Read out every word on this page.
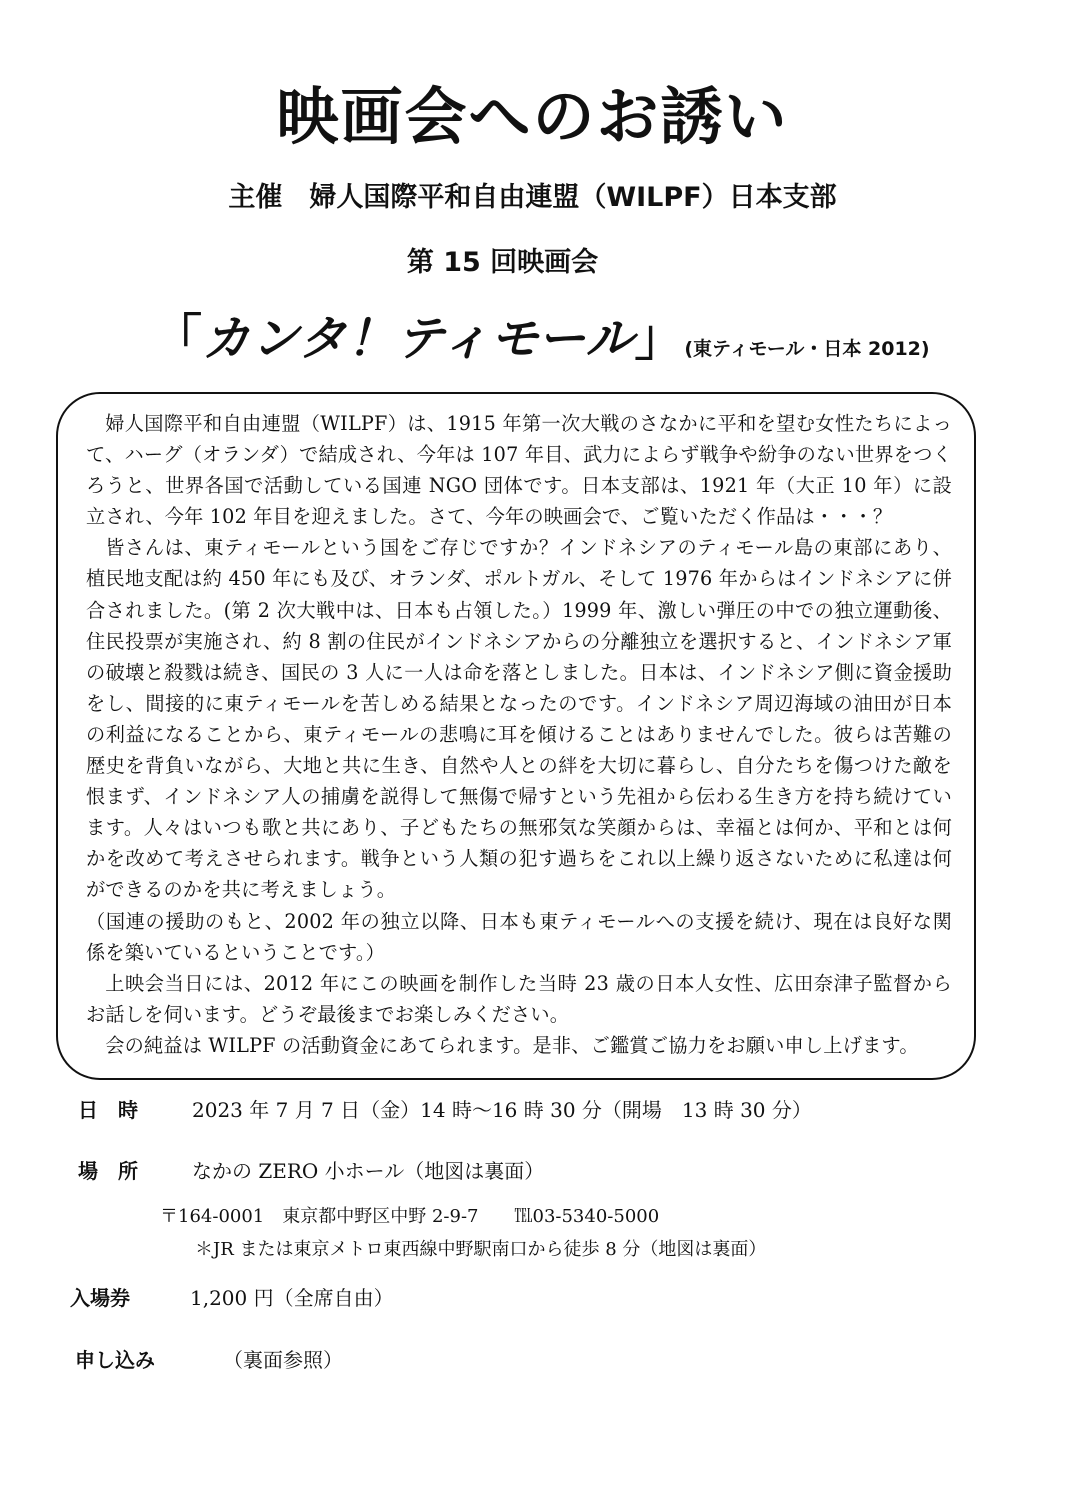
映画会へのお誘い
主催　婦人国際平和自由連盟（WILPF）日本支部
第 15 回映画会
「カンタ！ティモール」(東ティモール・日本 2012)

婦人国際平和自由連盟（WILPF）は、1915 年第一次大戦のさなかに平和を望む女性たちによって、ハーグ（オランダ）で結成され、今年は 107 年目、武力によらず戦争や紛争のない世界をつくろうと、世界各国で活動している国連 NGO 団体です。日本支部は、1921 年（大正 10 年）に設立され、今年 102 年目を迎えました。さて、今年の映画会で、ご覧いただく作品は・・・？

皆さんは、東ティモールという国をご存じですか？インドネシアのティモール島の東部にあり、植民地支配は約 450 年にも及び、オランダ、ポルトガル、そして 1976 年からはインドネシアに併合されました。(第 2 次大戦中は、日本も占領した。）1999 年、激しい弾圧の中での独立運動後、住民投票が実施され、約 8 割の住民がインドネシアからの分離独立を選択すると、インドネシア軍の破壊と殺戮は続き、国民の 3 人に一人は命を落としました。日本は、インドネシア側に資金援助をし、間接的に東ティモールを苦しめる結果となったのです。インドネシア周辺海域の油田が日本の利益になることから、東ティモールの悲鳴に耳を傾けることはありませんでした。彼らは苦難の歴史を背負いながら、大地と共に生き、自然や人との絆を大切に暮らし、自分たちを傷つけた敵を恨まず、インドネシア人の捕虜を説得して無傷で帰すという先祖から伝わる生き方を持ち続けています。人々はいつも歌と共にあり、子どもたちの無邪気な笑顔からは、幸福とは何か、平和とは何かを改めて考えさせられます。戦争という人類の犯す過ちをこれ以上繰り返さないために私達は何ができるのかを共に考えましょう。

（国連の援助のもと、2002 年の独立以降、日本も東ティモールへの支援を続け、現在は良好な関係を築いているということです。）

上映会当日には、2012 年にこの映画を制作した当時 23 歳の日本人女性、広田奈津子監督からお話しを伺います。どうぞ最後までお楽しみください。

会の純益は WILPF の活動資金にあてられます。是非、ご鑑賞ご協力をお願い申し上げます。

日　時	2023 年 7 月 7 日（金）14 時〜16 時 30 分（開場　13 時 30 分）
場　所	なかの ZERO 小ホール（地図は裏面）
〒164-0001　東京都中野区中野 2-9-7　　℡03-5340-5000
＊JR または東京メトロ東西線中野駅南口から徒歩 8 分（地図は裏面）
入場券	1,200 円（全席自由）
申し込み	（裏面参照）
